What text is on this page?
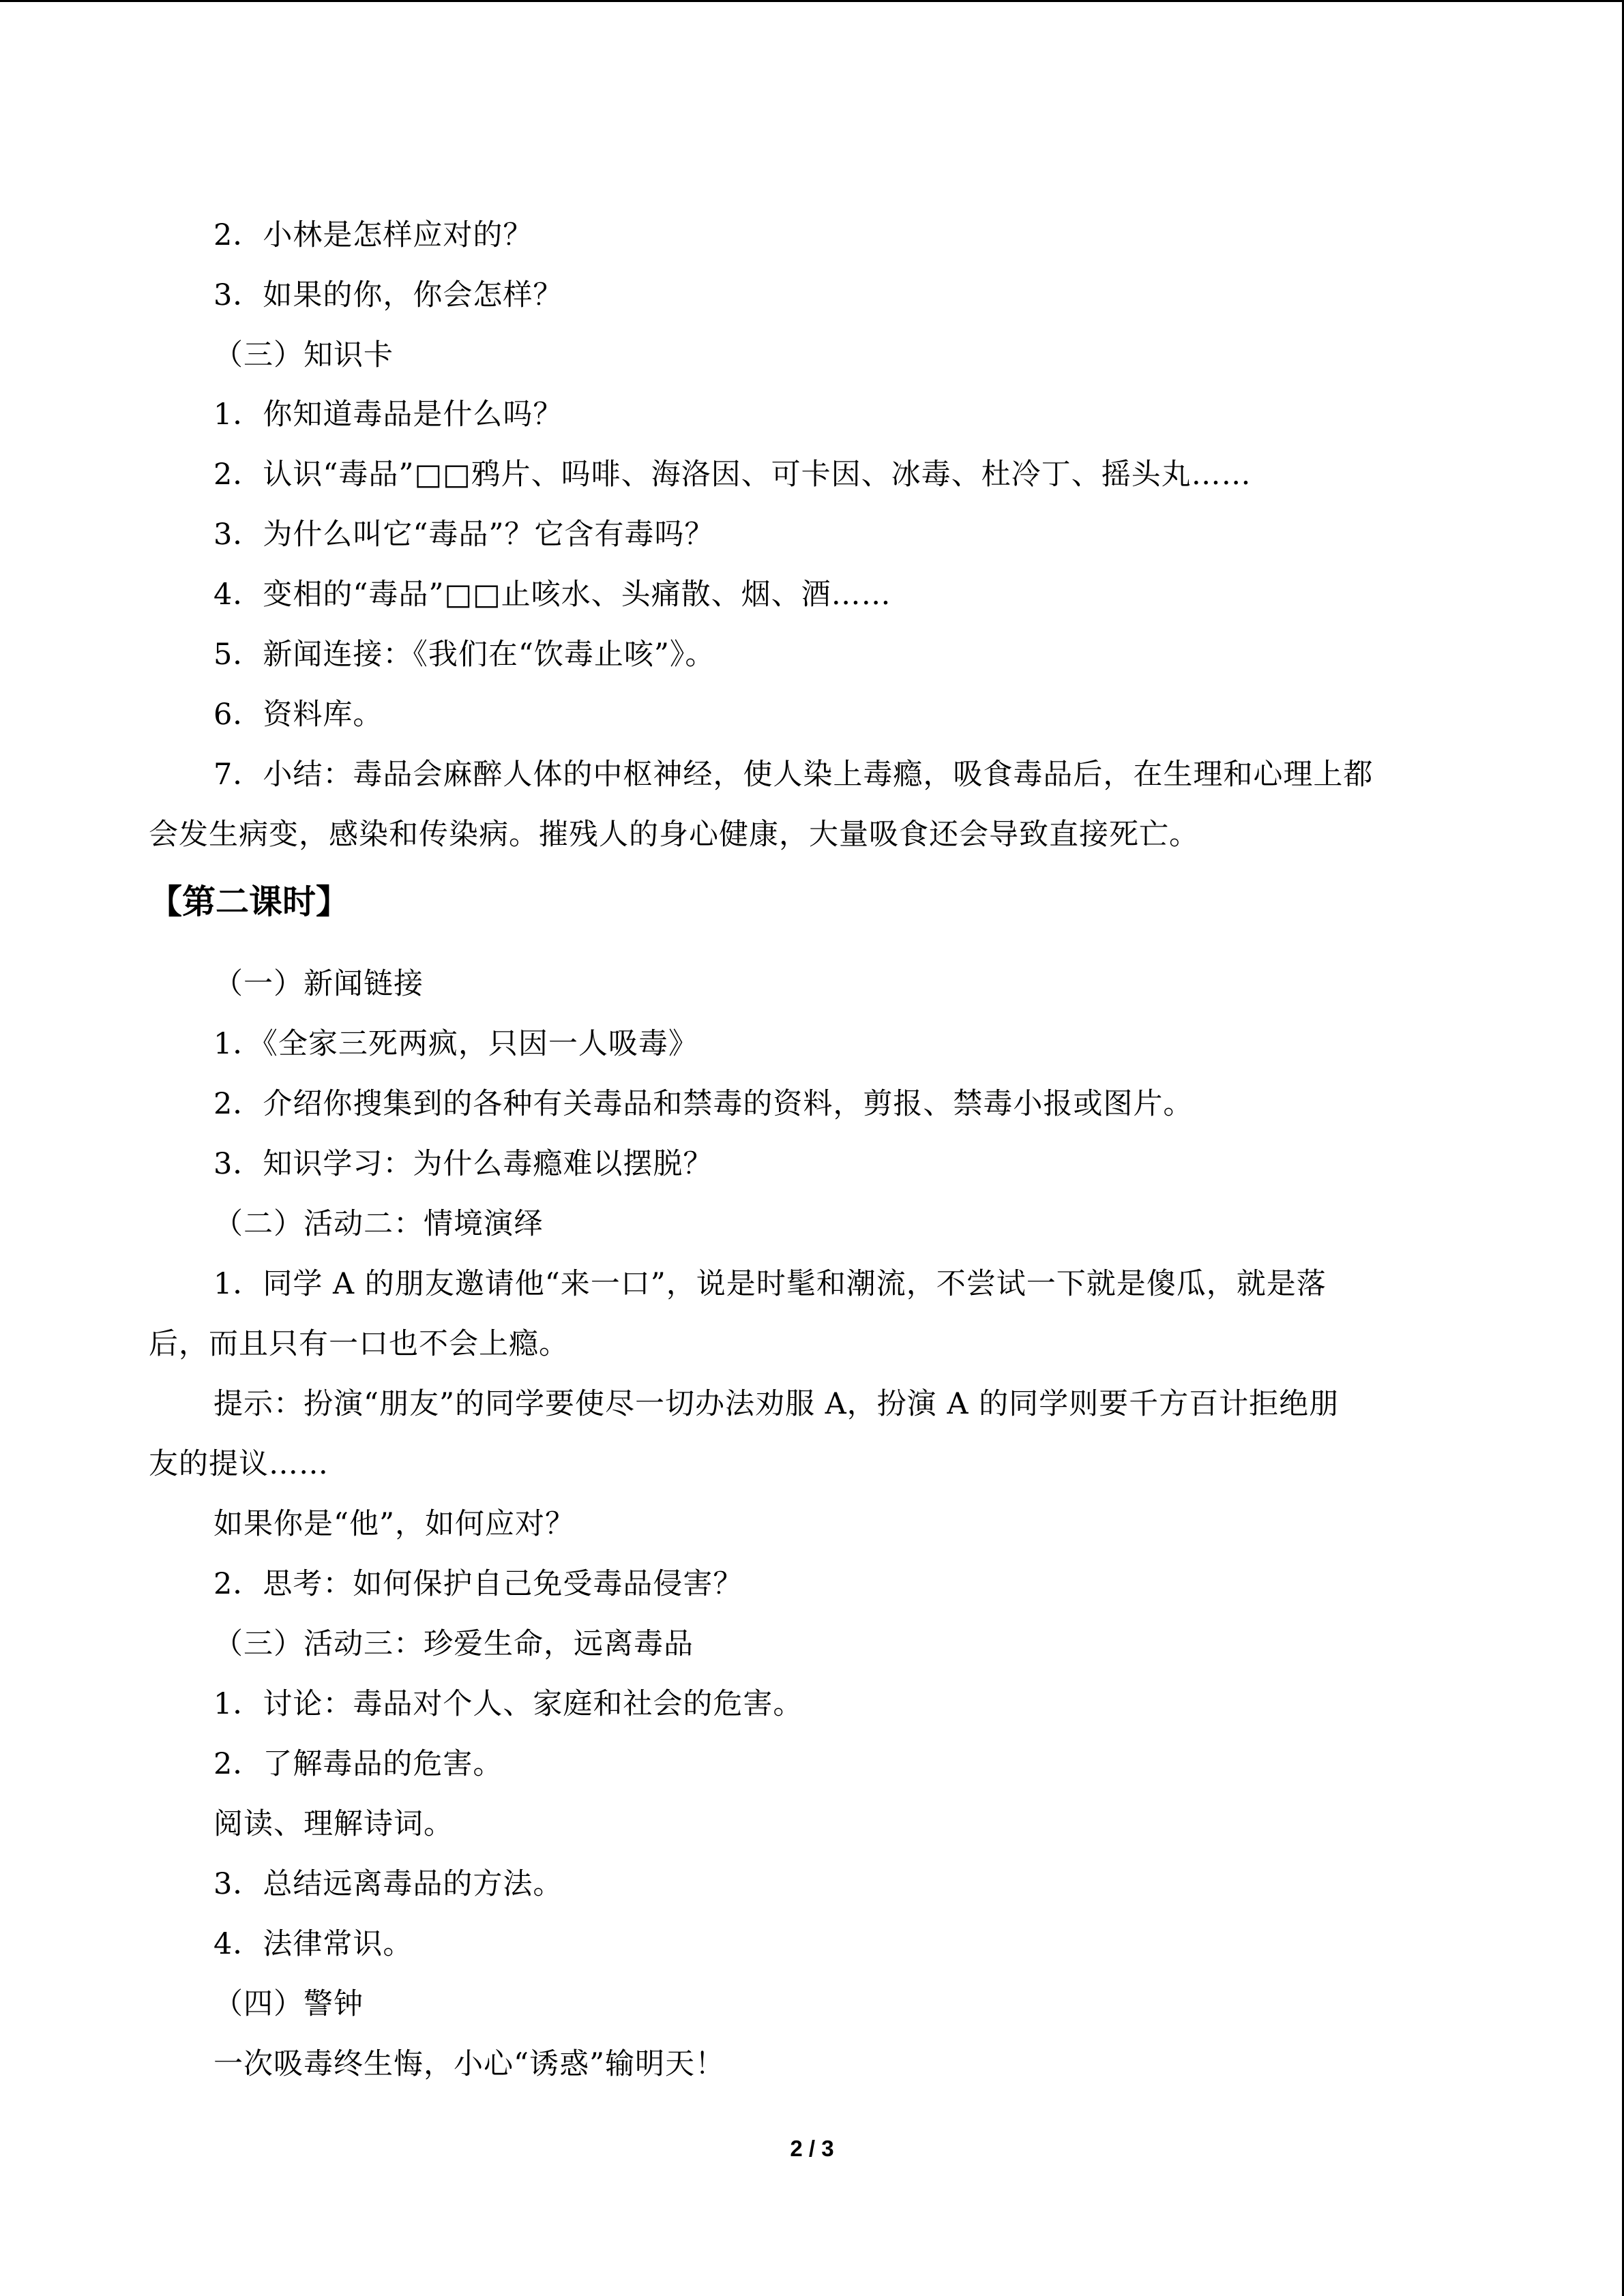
2．小林是怎样应对的？
3．如果的你，你会怎样？
（三）知识卡
1．你知道毒品是什么吗？
2．认识“毒品”□□鸦片、吗啡、海洛因、可卡因、冰毒、杜冷丁、摇头丸……
3．为什么叫它“毒品”？它含有毒吗？
4．变相的“毒品”□□止咳水、头痛散、烟、酒……
5．新闻连接：《我们在“饮毒止咳”》。
6．资料库。
7．小结：毒品会麻醉人体的中枢神经，使人染上毒瘾，吸食毒品后，在生理和心理上都
会发生病变，感染和传染病。摧残人的身心健康，大量吸食还会导致直接死亡。
【第二课时】
（一）新闻链接
1．《全家三死两疯，只因一人吸毒》
2．介绍你搜集到的各种有关毒品和禁毒的资料，剪报、禁毒小报或图片。
3．知识学习：为什么毒瘾难以摆脱？
（二）活动二：情境演绎
1．同学 A 的朋友邀请他“来一口”，说是时髦和潮流，不尝试一下就是傻瓜，就是落
后，而且只有一口也不会上瘾。
提示：扮演“朋友”的同学要使尽一切办法劝服 A，扮演 A 的同学则要千方百计拒绝朋
友的提议……
如果你是“他”，如何应对？
2．思考：如何保护自己免受毒品侵害？
（三）活动三：珍爱生命，远离毒品
1．讨论：毒品对个人、家庭和社会的危害。
2．了解毒品的危害。
阅读、理解诗词。
3．总结远离毒品的方法。
4．法律常识。
（四）警钟
一次吸毒终生悔，小心“诱惑”输明天！
2 / 3
